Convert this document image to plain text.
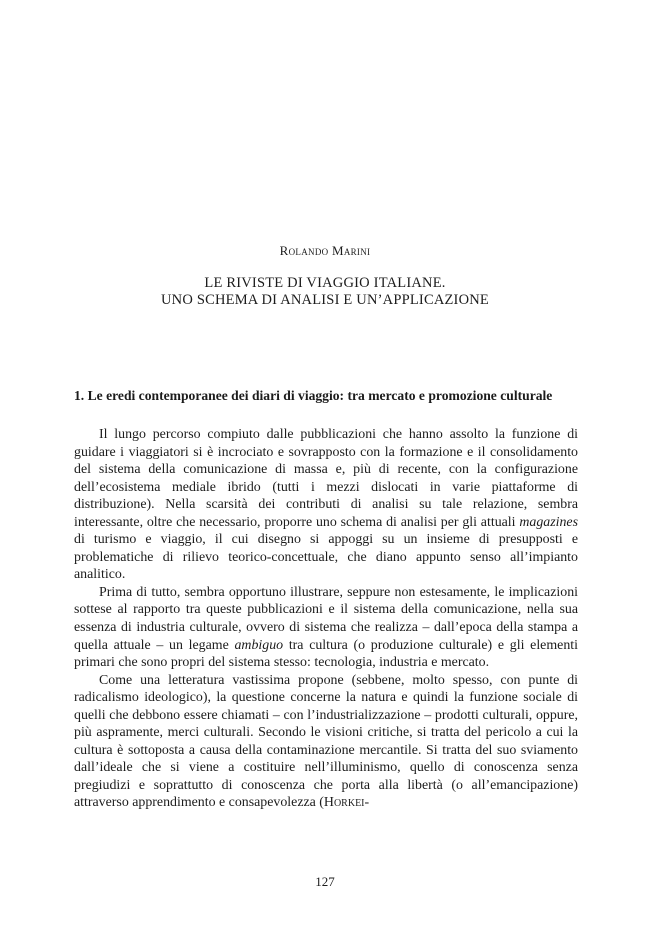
Rolando Marini
LE RIVISTE DI VIAGGIO ITALIANE.
UNO SCHEMA DI ANALISI E UN’APPLICAZIONE
1. Le eredi contemporanee dei diari di viaggio: tra mercato e promozione culturale

Il lungo percorso compiuto dalle pubblicazioni che hanno assolto la funzione di guidare i viaggiatori si è incrociato e sovrapposto con la formazione e il consolidamento del sistema della comunicazione di massa e, più di recente, con la configurazione dell’ecosistema mediale ibrido (tutti i mezzi dislocati in varie piattaforme di distribuzione). Nella scarsità dei contributi di analisi su tale relazione, sembra interessante, oltre che necessario, proporre uno schema di analisi per gli attuali magazines di turismo e viaggio, il cui disegno si appoggi su un insieme di presupposti e problematiche di rilievo teorico-concettuale, che diano appunto senso all’impianto analitico.

Prima di tutto, sembra opportuno illustrare, seppure non estesamente, le implicazioni sottese al rapporto tra queste pubblicazioni e il sistema della comunicazione, nella sua essenza di industria culturale, ovvero di sistema che realizza – dall’epoca della stampa a quella attuale – un legame ambiguo tra cultura (o produzione culturale) e gli elementi primari che sono propri del sistema stesso: tecnologia, industria e mercato.

Come una letteratura vastissima propone (sebbene, molto spesso, con punte di radicalismo ideologico), la questione concerne la natura e quindi la funzione sociale di quelli che debbono essere chiamati – con l’industrializzazione – prodotti culturali, oppure, più aspramente, merci culturali. Secondo le visioni critiche, si tratta del pericolo a cui la cultura è sottoposta a causa della contaminazione mercantile. Si tratta del suo sviamento dall’ideale che si viene a costituire nell’illuminismo, quello di conoscenza senza pregiudizi e soprattutto di conoscenza che porta alla libertà (o all’emancipazione) attraverso apprendimento e consapevolezza (Horkei-

127
